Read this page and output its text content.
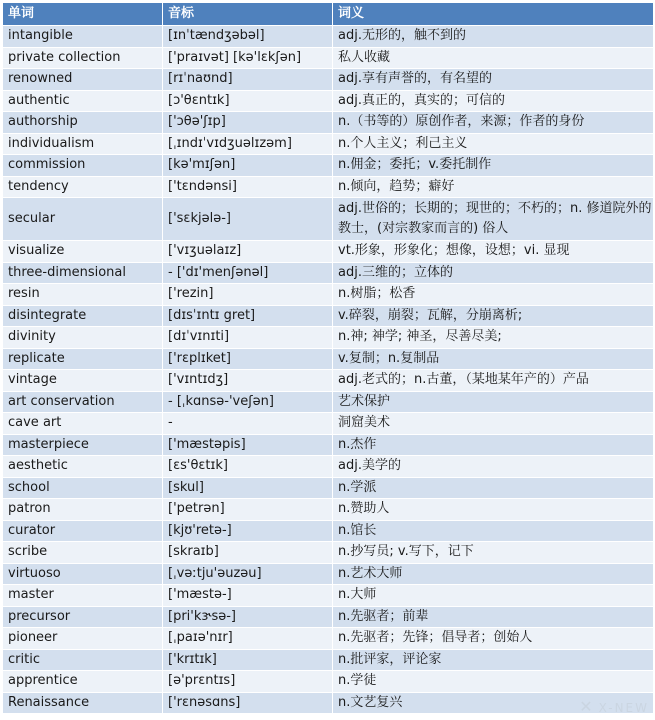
单词	音标	词义
intangible	[ɪnˈtændʒəbəl]	adj.无形的，触不到的
private collection	['praɪvət] [kə'lɛkʃən]	私人收藏
renowned	[rɪˈnaʊnd]	adj.享有声誉的，有名望的
authentic	[ɔ'θɛntɪk]	adj.真正的，真实的；可信的
authorship	['ɔθə'ʃɪp]	n.（书等的）原创作者，来源；作者的身份
individualism	[ˌɪndɪˈvɪdʒuəlɪzəm]	n.个人主义；利己主义
commission	[kə'mɪʃən]	n.佣金；委托；v.委托制作
tendency	['tɛndənsi]	n.倾向，趋势；癖好
secular	['sɛkjələ-]	adj.世俗的；长期的；现世的；不朽的；n. 修道院外的教士，(对宗教家而言的) 俗人
visualize	['vɪʒuəlaɪz]	vt.形象，形象化；想像，设想；vi. 显现
three-dimensional	- ['dɪ'menʃənəl]	adj.三维的；立体的
resin	['rezin]	n.树脂；松香
disintegrate	[dɪsˈɪntɪ gret]	v.碎裂，崩裂；瓦解，分崩离析;
divinity	[dɪˈvɪnɪti]	n.神; 神学; 神圣，尽善尽美;
replicate	['rɛplɪket]	v.复制；n.复制品
vintage	['vɪntɪdʒ]	adj.老式的；n.古董，（某地某年产的）产品
art conservation	- [ˌkɑnsə-'veʃən]	艺术保护
cave art	-	洞窟美术
masterpiece	['mæstəpis]	n.杰作
aesthetic	[ɛs'θɛtɪk]	adj.美学的
school	[skul]	n.学派
patron	['petrən]	n.赞助人
curator	[kjʊ'retə-]	n.馆长
scribe	[skraɪb]	n.抄写员; v.写下，记下
virtuoso	[ˌvəːtju'əuzəu]	n.艺术大师
master	['mæstə-]	n.大师
precursor	[pri'kɝsə-]	n.先驱者；前辈
pioneer	[ˌpaɪə'nɪr]	n.先驱者；先锋；倡导者；创始人
critic	['krɪtɪk]	n.批评家，评论家
apprentice	[ə'prɛntɪs]	n.学徒
Renaissance	['rɛnəsɑns]	n.文艺复兴	✕ X-NEW
